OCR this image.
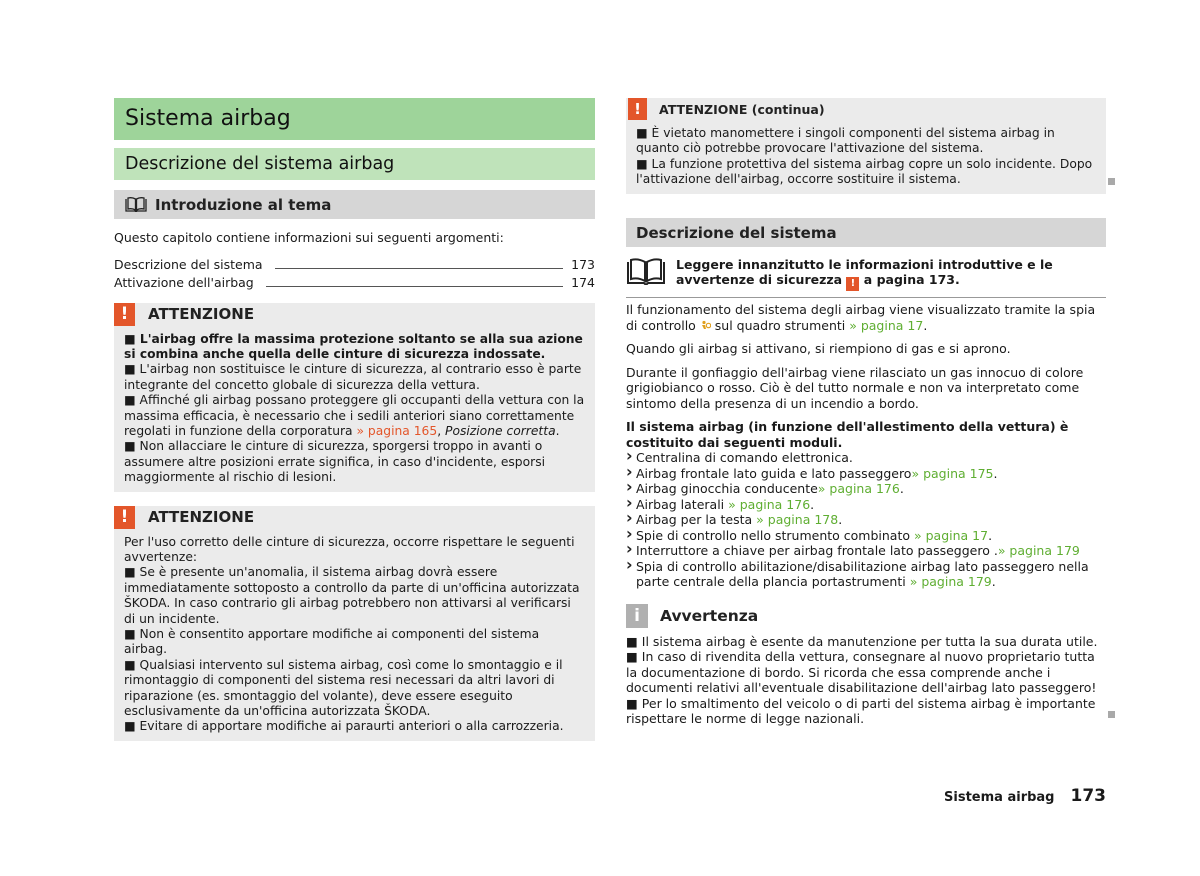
Sistema airbag
Descrizione del sistema airbag
Introduzione al tema

Questo capitolo contiene informazioni sui seguenti argomenti:

Descrizione del sistema	173
Attivazione dell'airbag	174
!	ATTENZIONE

■ L'airbag offre la massima protezione soltanto se alla sua azione si combina anche quella delle cinture di sicurezza indossate.

■ L'airbag non sostituisce le cinture di sicurezza, al contrario esso è parte integrante del concetto globale di sicurezza della vettura.

■ Affinché gli airbag possano proteggere gli occupanti della vettura con la massima efficacia, è necessario che i sedili anteriori siano correttamente regolati in funzione della corporatura » pagina 165, Posizione corretta.

■ Non allacciare le cinture di sicurezza, sporgersi troppo in avanti o assumere altre posizioni errate significa, in caso d'incidente, esporsi maggiormente al rischio di lesioni.

!	ATTENZIONE

Per l'uso corretto delle cinture di sicurezza, occorre rispettare le seguenti avvertenze:

■ Se è presente un'anomalia, il sistema airbag dovrà essere immediatamente sottoposto a controllo da parte di un'officina autorizzata ŠKODA. In caso contrario gli airbag potrebbero non attivarsi al verificarsi di un incidente.

■ Non è consentito apportare modifiche ai componenti del sistema airbag.

■ Qualsiasi intervento sul sistema airbag, così come lo smontaggio e il rimontaggio di componenti del sistema resi necessari da altri lavori di riparazione (es. smontaggio del volante), deve essere eseguito esclusivamente da un'officina autorizzata ŠKODA.

■ Evitare di apportare modifiche ai paraurti anteriori o alla carrozzeria.

!	ATTENZIONE (continua)

■ È vietato manomettere i singoli componenti del sistema airbag in quanto ciò potrebbe provocare l'attivazione del sistema.

■ La funzione protettiva del sistema airbag copre un solo incidente. Dopo l'attivazione dell'airbag, occorre sostituire il sistema.

Descrizione del sistema

Leggere innanzitutto le informazioni introduttive e le avvertenze di sicurezza ! a pagina 173.

Il funzionamento del sistema degli airbag viene visualizzato tramite la spia di controllo  sul quadro strumenti » pagina 17.

Quando gli airbag si attivano, si riempiono di gas e si aprono.

Durante il gonfiaggio dell'airbag viene rilasciato un gas innocuo di colore grigiobianco o rosso. Ciò è del tutto normale e non va interpretato come sintomo della presenza di un incendio a bordo.

Il sistema airbag (in funzione dell'allestimento della vettura) è costituito dai seguenti moduli.

› Centralina di comando elettronica.

› Airbag frontale lato guida e lato passeggero» pagina 175.

› Airbag ginocchia conducente» pagina 176.

› Airbag laterali » pagina 176.

› Airbag per la testa » pagina 178.

› Spie di controllo nello strumento combinato » pagina 17.

› Interruttore a chiave per airbag frontale lato passeggero .» pagina 179

› Spia di controllo abilitazione/disabilitazione airbag lato passeggero nella parte centrale della plancia portastrumenti » pagina 179.

i	Avvertenza

■ Il sistema airbag è esente da manutenzione per tutta la sua durata utile.

■ In caso di rivendita della vettura, consegnare al nuovo proprietario tutta la documentazione di bordo. Si ricorda che essa comprende anche i documenti relativi all'eventuale disabilitazione dell'airbag lato passeggero!

■ Per lo smaltimento del veicolo o di parti del sistema airbag è importante rispettare le norme di legge nazionali.

Sistema airbag 173
